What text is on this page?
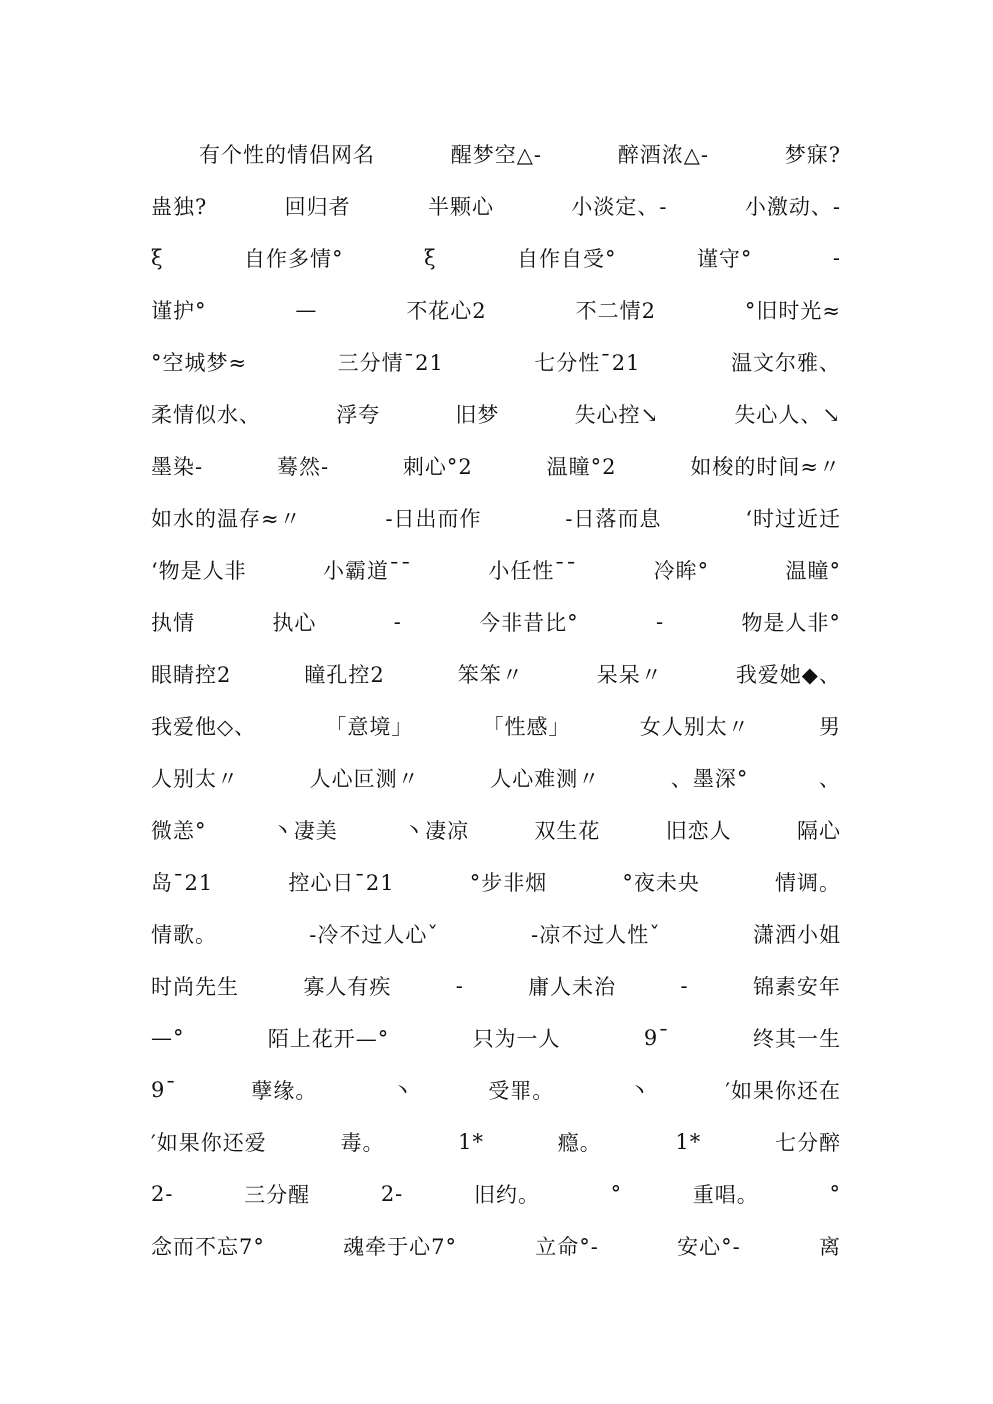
有个性的情侣网名	醒梦空△-	醉酒浓△-	梦寐?
蛊独?	回归者	半颗心	小淡定、-	小激动、-
ξ	自作多情°	ξ	自作自受°	谨守°	-
谨护°	—	不花心2	不二情2	°旧时光≈
°空城梦≈	三分情¯21	七分性¯21	温文尔雅、
柔情似水、	浮夸	旧梦	失心控↘	失心人、↘
墨染-	蓦然-	刺心°2	温瞳°2	如梭的时间≈〃
如水的温存≈〃	-日出而作	-日落而息	‘时过近迁
‘物是人非	小霸道¯¯	小任性¯¯	冷眸°	温瞳°
执情	执心	-	今非昔比°	-	物是人非°
眼睛控2	瞳孔控2	笨笨〃	呆呆〃	我爱她◆、
我爱他◇、	「意境」	「性感」	女人别太〃	男
人别太〃	人心叵测〃	人心难测〃	、墨深°	、
微恙°	丶凄美	丶凄凉	双生花	旧恋人	隔心
岛¯21	控心日¯21	°步非烟	°夜未央	情调。
情歌。	-冷不过人心ˇ	-凉不过人性ˇ	潇洒小姐
时尚先生	寡人有疾	-	庸人未治	-	锦素安年
—°	陌上花开—°	只为一人	9¯	终其一生
9¯	孽缘。	丶	受罪。	丶	′如果你还在
′如果你还爱	毒。	1*	瘾。	1*	七分醉
2-	三分醒	2-	旧约。	°	重唱。	°
念而不忘7°	魂牵于心7°	立命°-	安心°-	离
